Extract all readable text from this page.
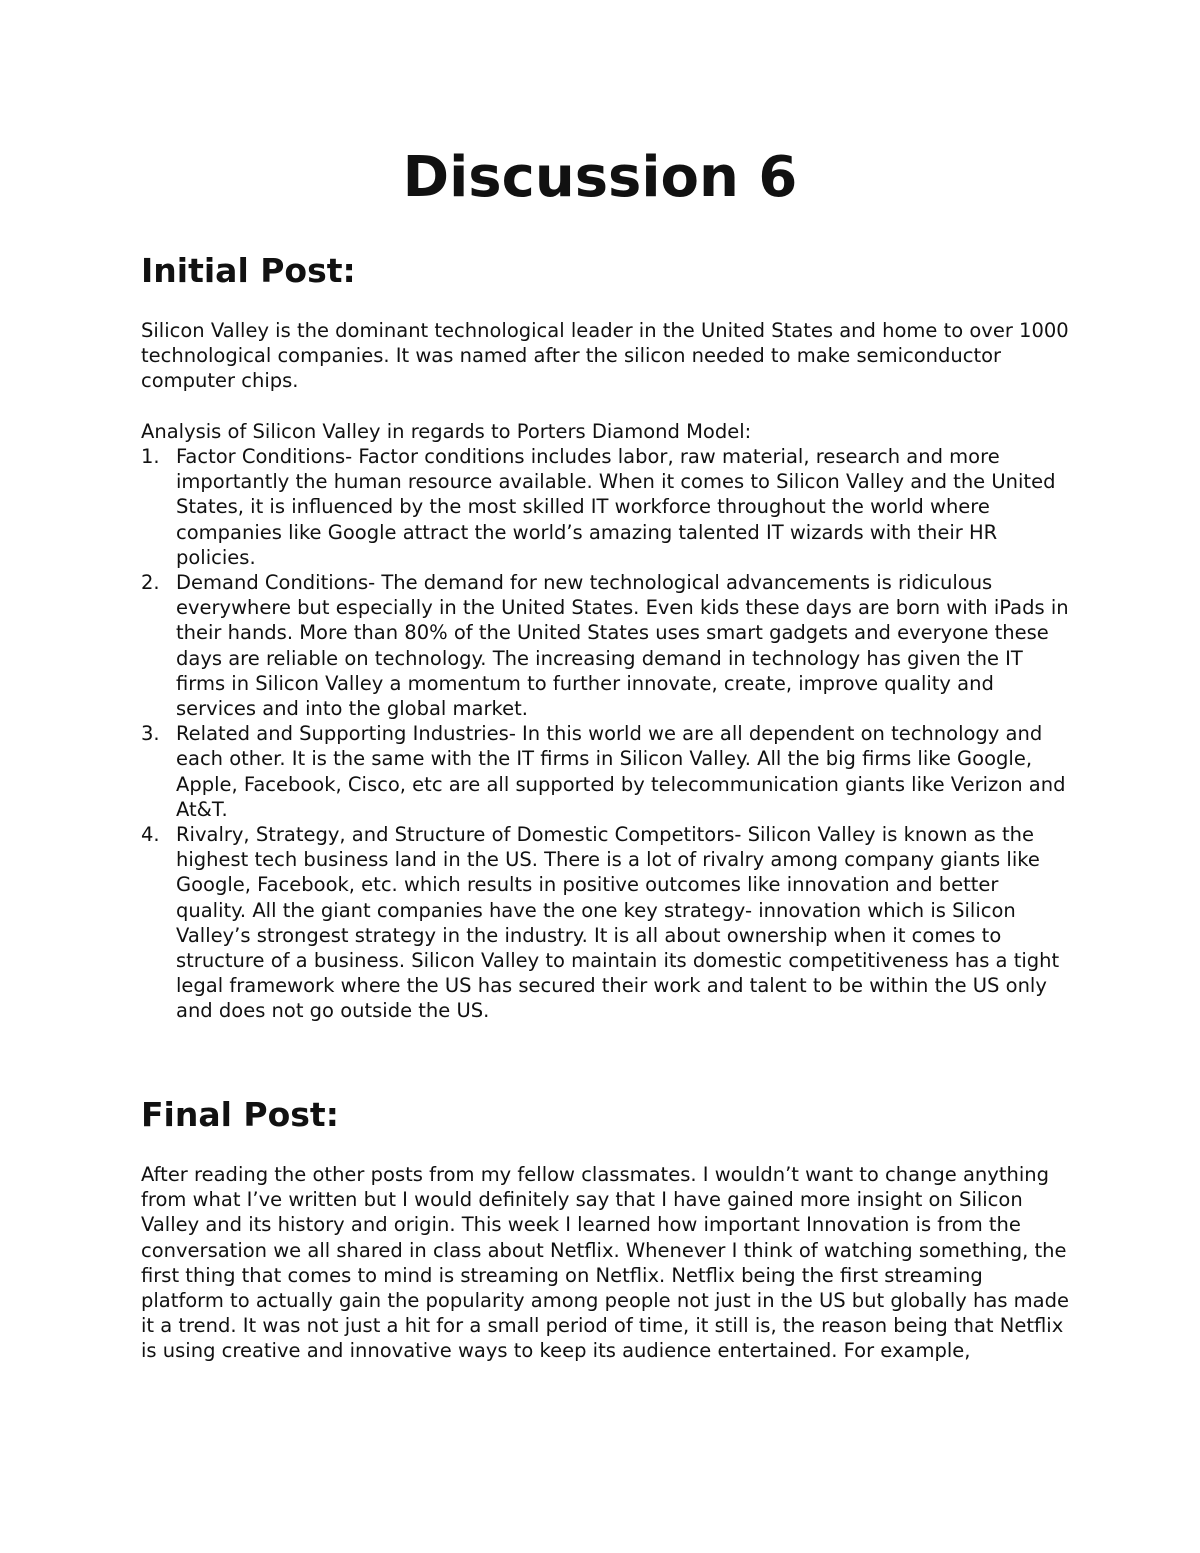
Discussion 6
Initial Post:

Silicon Valley is the dominant technological leader in the United States and home to over 1000 technological companies. It was named after the silicon needed to make semiconductor computer chips.

Analysis of Silicon Valley in regards to Porters Diamond Model:

1. Factor Conditions- Factor conditions includes labor, raw material, research and more importantly the human resource available. When it comes to Silicon Valley and the United States, it is influenced by the most skilled IT workforce throughout the world where companies like Google attract the world’s amazing talented IT wizards with their HR policies.
2. Demand Conditions- The demand for new technological advancements is ridiculous everywhere but especially in the United States. Even kids these days are born with iPads in their hands. More than 80% of the United States uses smart gadgets and everyone these days are reliable on technology. The increasing demand in technology has given the IT firms in Silicon Valley a momentum to further innovate, create, improve quality and services and into the global market.
3. Related and Supporting Industries- In this world we are all dependent on technology and each other. It is the same with the IT firms in Silicon Valley. All the big firms like Google, Apple, Facebook, Cisco, etc are all supported by telecommunication giants like Verizon and At&T.
4. Rivalry, Strategy, and Structure of Domestic Competitors- Silicon Valley is known as the highest tech business land in the US. There is a lot of rivalry among company giants like Google, Facebook, etc. which results in positive outcomes like innovation and better quality. All the giant companies have the one key strategy- innovation which is Silicon Valley’s strongest strategy in the industry. It is all about ownership when it comes to structure of a business. Silicon Valley to maintain its domestic competitiveness has a tight legal framework where the US has secured their work and talent to be within the US only and does not go outside the US.
Final Post:

After reading the other posts from my fellow classmates. I wouldn’t want to change anything from what I’ve written but I would definitely say that I have gained more insight on Silicon Valley and its history and origin. This week I learned how important Innovation is from the conversation we all shared in class about Netflix. Whenever I think of watching something, the first thing that comes to mind is streaming on Netflix. Netflix being the first streaming platform to actually gain the popularity among people not just in the US but globally has made it a trend. It was not just a hit for a small period of time, it still is, the reason being that Netflix is using creative and innovative ways to keep its audience entertained. For example,
